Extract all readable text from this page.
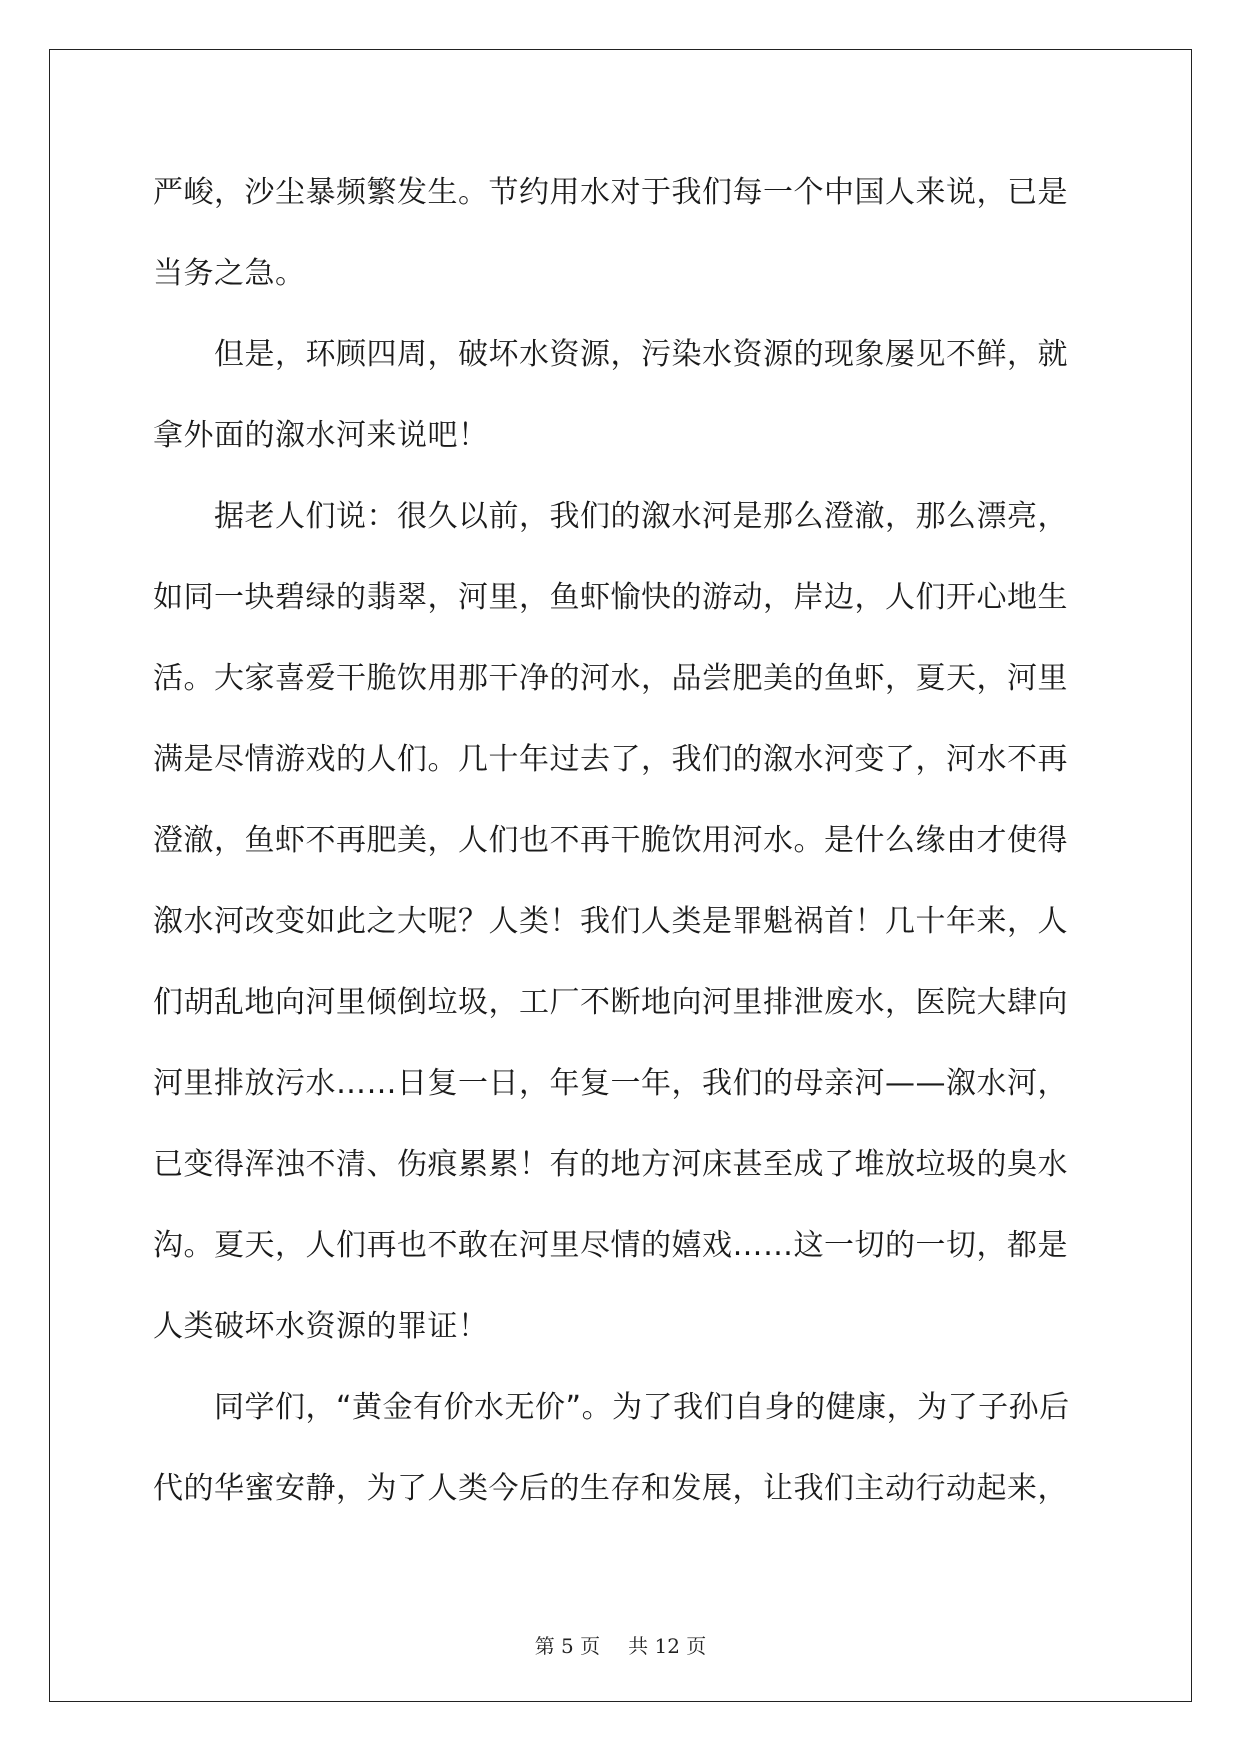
严峻，沙尘暴频繁发生。节约用水对于我们每一个中国人来说，已是
当务之急。
　　但是，环顾四周，破坏水资源，污染水资源的现象屡见不鲜，就
拿外面的溆水河来说吧！
　　据老人们说：很久以前，我们的溆水河是那么澄澈，那么漂亮，
如同一块碧绿的翡翠，河里，鱼虾愉快的游动，岸边，人们开心地生
活。大家喜爱干脆饮用那干净的河水，品尝肥美的鱼虾，夏天，河里
满是尽情游戏的人们。几十年过去了，我们的溆水河变了，河水不再
澄澈，鱼虾不再肥美，人们也不再干脆饮用河水。是什么缘由才使得
溆水河改变如此之大呢？人类！我们人类是罪魁祸首！几十年来，人
们胡乱地向河里倾倒垃圾，工厂不断地向河里排泄废水，医院大肆向
河里排放污水……日复一日，年复一年，我们的母亲河——溆水河，
已变得浑浊不清、伤痕累累！有的地方河床甚至成了堆放垃圾的臭水
沟。夏天，人们再也不敢在河里尽情的嬉戏……这一切的一切，都是
人类破坏水资源的罪证！
　　同学们，“黄金有价水无价”。为了我们自身的健康，为了子孙后
代的华蜜安静，为了人类今后的生存和发展，让我们主动行动起来，
第 5 页 共 12 页
